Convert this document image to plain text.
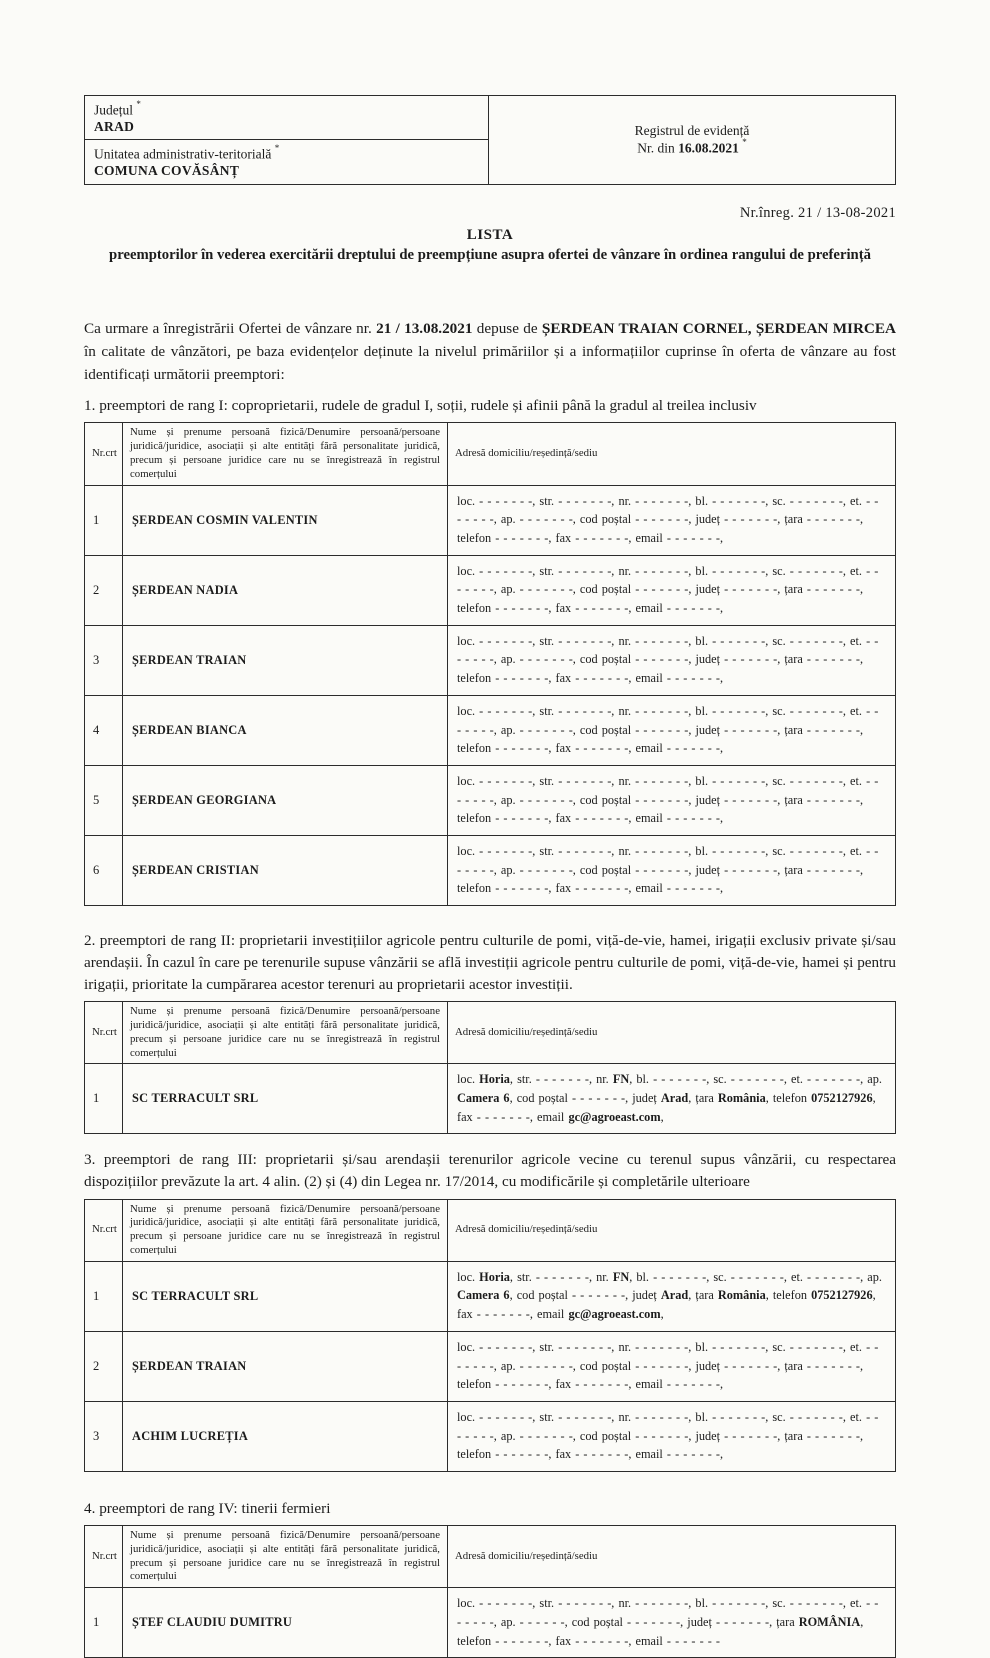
Județul *
ARAD
Unitatea administrativ-teritorială *
COMUNA COVĂSÂNȚ
Registrul de evidență
Nr. din 16.08.2021 *
Nr.înreg. 21 / 13-08-2021
LISTA
preemptorilor în vederea exercitării dreptului de preempțiune asupra ofertei de vânzare în ordinea rangului de preferință

Ca urmare a înregistrării Ofertei de vânzare nr. 21 / 13.08.2021 depuse de ȘERDEAN TRAIAN CORNEL, ȘERDEAN MIRCEA în calitate de vânzători, pe baza evidențelor deținute la nivelul primăriilor și a informațiilor cuprinse în oferta de vânzare au fost identificați următorii preemptori:

1. preemptori de rang I: coproprietarii, rudele de gradul I, soții, rudele și afinii până la gradul al treilea inclusiv
Nr.crt	Nume și prenume persoană fizică/Denumire persoană/persoane juridică/juridice, asociații și alte entități fără personalitate juridică, precum și persoane juridice care nu se înregistrează în registrul comerțului	Adresă domiciliu/reședință/sediu
1	ȘERDEAN COSMIN VALENTIN	loc. - - - - - - -, str. - - - - - - -, nr. - - - - - - -, bl. - - - - - - -, sc. - - - - - - -, et. - - - - - - -, ap. - - - - - - -, cod poștal - - - - - - -, județ - - - - - - -, țara - - - - - - -, telefon - - - - - - -, fax - - - - - - -, email - - - - - - -,
2	ȘERDEAN NADIA	loc. - - - - - - -, str. - - - - - - -, nr. - - - - - - -, bl. - - - - - - -, sc. - - - - - - -, et. - - - - - - -, ap. - - - - - - -, cod poștal - - - - - - -, județ - - - - - - -, țara - - - - - - -, telefon - - - - - - -, fax - - - - - - -, email - - - - - - -,
3	ȘERDEAN TRAIAN	loc. - - - - - - -, str. - - - - - - -, nr. - - - - - - -, bl. - - - - - - -, sc. - - - - - - -, et. - - - - - - -, ap. - - - - - - -, cod poștal - - - - - - -, județ - - - - - - -, țara - - - - - - -, telefon - - - - - - -, fax - - - - - - -, email - - - - - - -,
4	ȘERDEAN BIANCA	loc. - - - - - - -, str. - - - - - - -, nr. - - - - - - -, bl. - - - - - - -, sc. - - - - - - -, et. - - - - - - -, ap. - - - - - - -, cod poștal - - - - - - -, județ - - - - - - -, țara - - - - - - -, telefon - - - - - - -, fax - - - - - - -, email - - - - - - -,
5	ȘERDEAN GEORGIANA	loc. - - - - - - -, str. - - - - - - -, nr. - - - - - - -, bl. - - - - - - -, sc. - - - - - - -, et. - - - - - - -, ap. - - - - - - -, cod poștal - - - - - - -, județ - - - - - - -, țara - - - - - - -, telefon - - - - - - -, fax - - - - - - -, email - - - - - - -,
6	ȘERDEAN CRISTIAN	loc. - - - - - - -, str. - - - - - - -, nr. - - - - - - -, bl. - - - - - - -, sc. - - - - - - -, et. - - - - - - -, ap. - - - - - - -, cod poștal - - - - - - -, județ - - - - - - -, țara - - - - - - -, telefon - - - - - - -, fax - - - - - - -, email - - - - - - -,
2. preemptori de rang II: proprietarii investițiilor agricole pentru culturile de pomi, viță-de-vie, hamei, irigații exclusiv private și/sau arendașii. În cazul în care pe terenurile supuse vânzării se află investiții agricole pentru culturile de pomi, viță-de-vie, hamei și pentru irigații, prioritate la cumpărarea acestor terenuri au proprietarii acestor investiții.
Nr.crt	Nume și prenume persoană fizică/Denumire persoană/persoane juridică/juridice, asociații și alte entități fără personalitate juridică, precum și persoane juridice care nu se înregistrează în registrul comerțului	Adresă domiciliu/reședință/sediu
1	SC TERRACULT SRL	loc. Horia, str. - - - - - - -, nr. FN, bl. - - - - - - -, sc. - - - - - - -, et. - - - - - - -, ap. Camera 6, cod poștal - - - - - - -, județ Arad, țara România, telefon 0752127926, fax - - - - - - -, email gc@agroeast.com,
3. preemptori de rang III: proprietarii și/sau arendașii terenurilor agricole vecine cu terenul supus vânzării, cu respectarea dispozițiilor prevăzute la art. 4 alin. (2) și (4) din Legea nr. 17/2014, cu modificările și completările ulterioare
Nr.crt	Nume și prenume persoană fizică/Denumire persoană/persoane juridică/juridice, asociații și alte entități fără personalitate juridică, precum și persoane juridice care nu se înregistrează în registrul comerțului	Adresă domiciliu/reședință/sediu
1	SC TERRACULT SRL	loc. Horia, str. - - - - - - -, nr. FN, bl. - - - - - - -, sc. - - - - - - -, et. - - - - - - -, ap. Camera 6, cod poștal - - - - - - -, județ Arad, țara România, telefon 0752127926, fax - - - - - - -, email gc@agroeast.com,
2	ȘERDEAN TRAIAN	loc. - - - - - - -, str. - - - - - - -, nr. - - - - - - -, bl. - - - - - - -, sc. - - - - - - -, et. - - - - - - -, ap. - - - - - - -, cod poștal - - - - - - -, județ - - - - - - -, țara - - - - - - -, telefon - - - - - - -, fax - - - - - - -, email - - - - - - -,
3	ACHIM LUCREȚIA	loc. - - - - - - -, str. - - - - - - -, nr. - - - - - - -, bl. - - - - - - -, sc. - - - - - - -, et. - - - - - - -, ap. - - - - - - -, cod poștal - - - - - - -, județ - - - - - - -, țara - - - - - - -, telefon - - - - - - -, fax - - - - - - -, email - - - - - - -,
4. preemptori de rang IV: tinerii fermieri
Nr.crt	Nume și prenume persoană fizică/Denumire persoană/persoane juridică/juridice, asociații și alte entități fără personalitate juridică, precum și persoane juridice care nu se înregistrează în registrul comerțului	Adresă domiciliu/reședință/sediu
1	ȘTEF CLAUDIU DUMITRU	loc. - - - - - - -, str. - - - - - - -, nr. - - - - - - -, bl. - - - - - - -, sc. - - - - - - -, et. - - - - - - -, ap. - - - - - -, cod poștal - - - - - - -, județ - - - - - - -, țara ROMÂNIA, telefon - - - - - - -, fax - - - - - - -, email - - - - - - -
